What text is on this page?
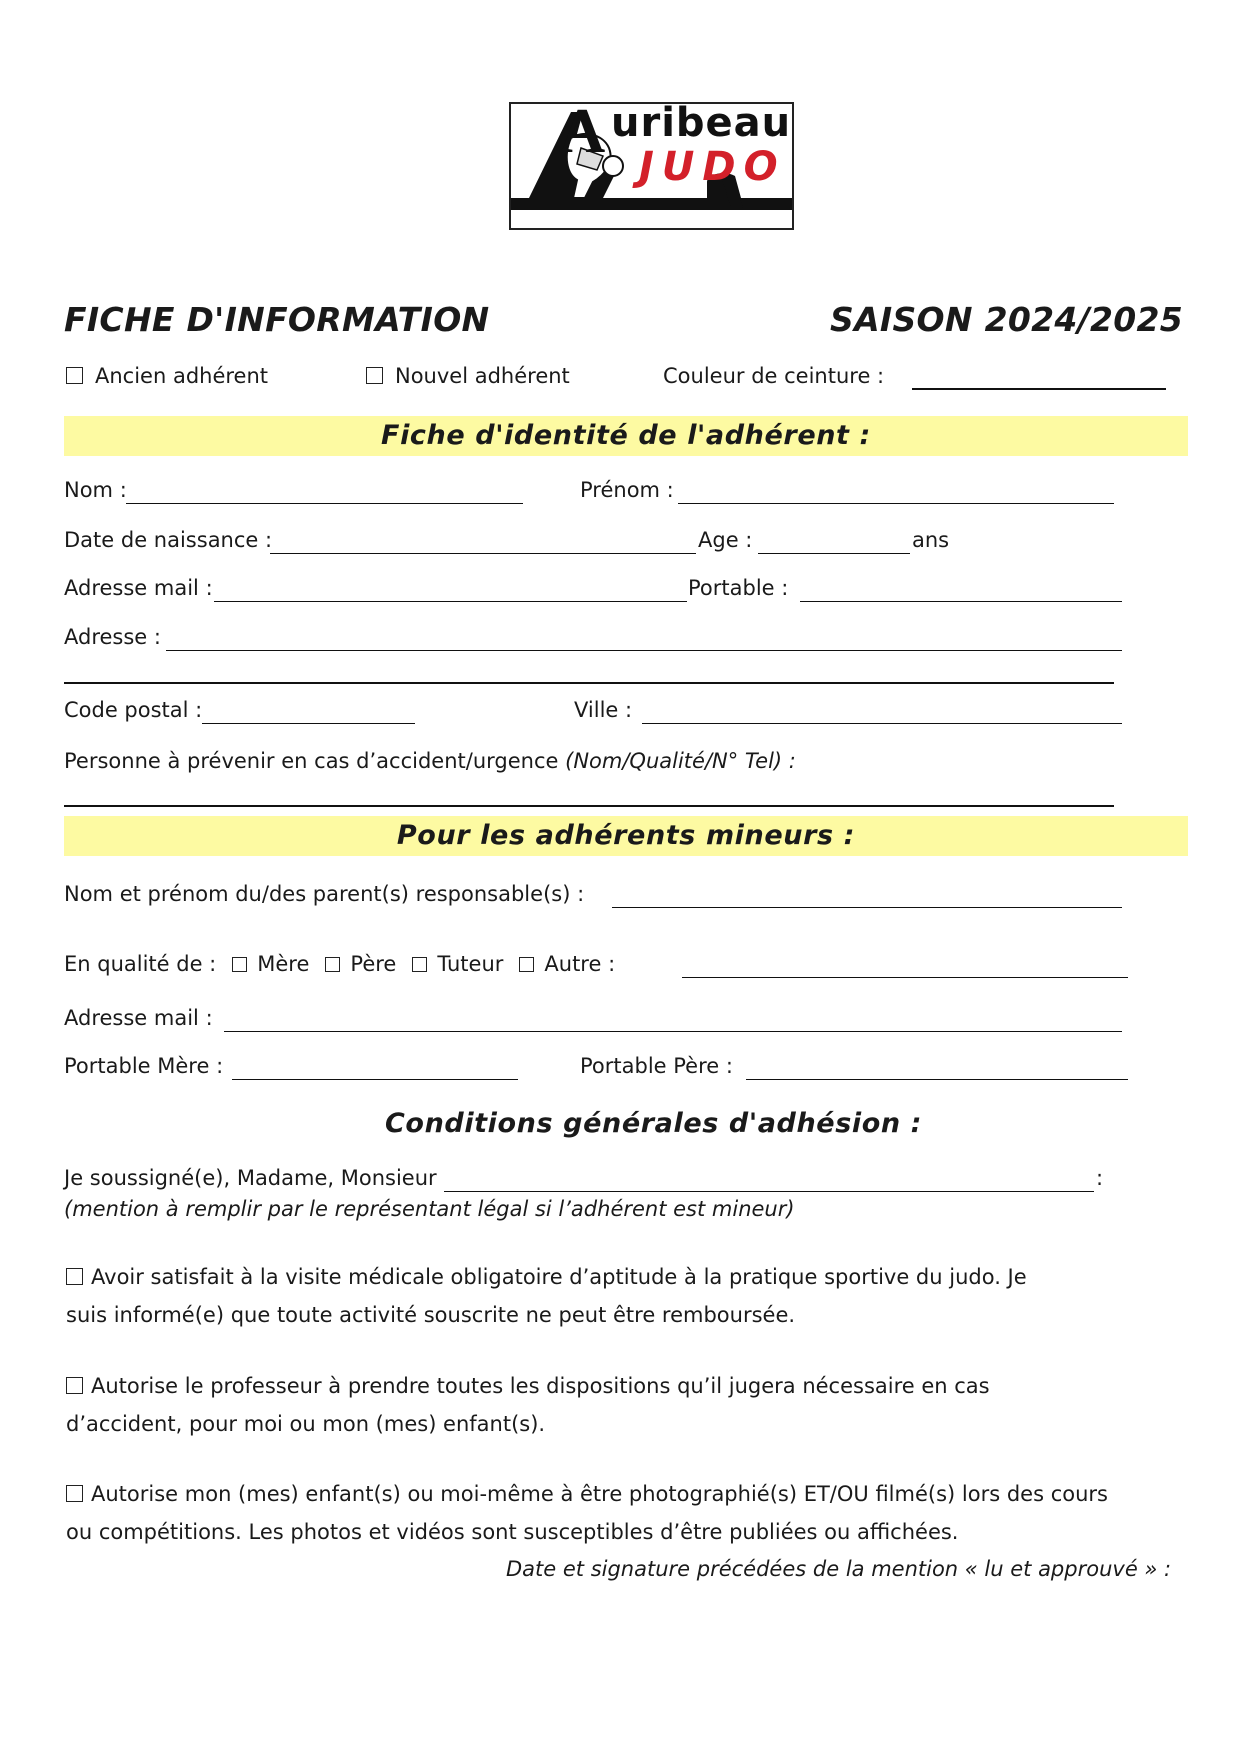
A uribeau
JUDO
FICHE D'INFORMATION	SAISON 2024/2025
Ancien adhérent	Nouvel adhérent	Couleur de ceinture :
Fiche d'identité de l'adhérent :
Nom :	Prénom :
Date de naissance :	Age :	ans
Adresse mail :	Portable :
Adresse :
Code postal :	Ville :
Personne à prévenir en cas d’accident/urgence (Nom/Qualité/N° Tel) :
Pour les adhérents mineurs :
Nom et prénom du/des parent(s) responsable(s) :
En qualité de : Mère Père Tuteur Autre :
Adresse mail :
Portable Mère :	Portable Père :
Conditions générales d'adhésion :
Je soussigné(e), Madame, Monsieur	:
(mention à remplir par le représentant légal si l’adhérent est mineur)
Avoir satisfait à la visite médicale obligatoire d’aptitude à la pratique sportive du judo. Je
suis informé(e) que toute activité souscrite ne peut être remboursée.
Autorise le professeur à prendre toutes les dispositions qu’il jugera nécessaire en cas
d’accident, pour moi ou mon (mes) enfant(s).
Autorise mon (mes) enfant(s) ou moi-même à être photographié(s) ET/OU filmé(s) lors des cours
ou compétitions. Les photos et vidéos sont susceptibles d’être publiées ou affichées.
Date et signature précédées de la mention « lu et approuvé » :
